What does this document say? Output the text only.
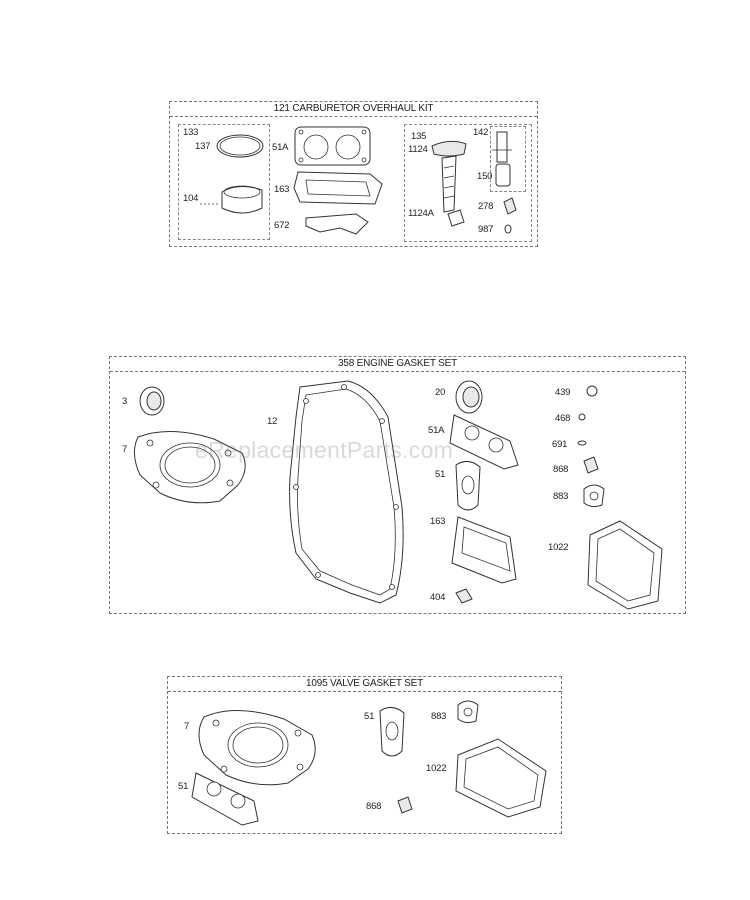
121 CARBURETOR OVERHAUL KIT
133
137
104
51A
163
672
135
1124
1124A
142
150
278
987
358 ENGINE GASKET SET
3
7
12
20
51A
51
163
404
439
468
691
868
883
1022
1095 VALVE GASKET SET
7
51
51	883
1022
868
eReplacementParts.com
